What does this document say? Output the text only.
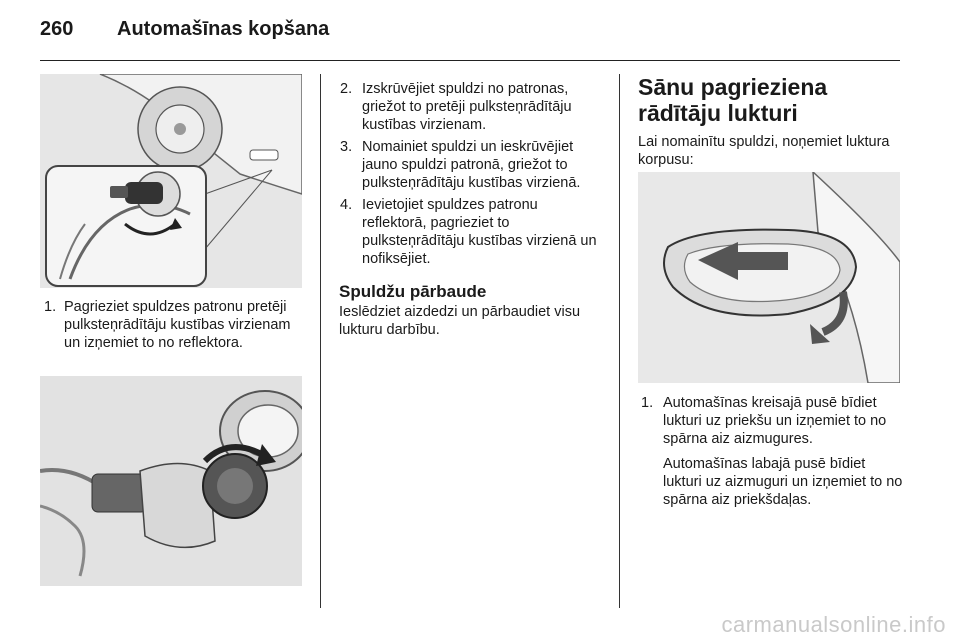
260 Automašīnas kopšana
1. Pagrieziet spuldzes patronu pretēji pulksteņrādītāju kustības virzienam un izņemiet to no reflektora.
2. Izskrūvējiet spuldzi no patronas, griežot to pretēji pulksteņrādītāju kustības virzienam.
3. Nomainiet spuldzi un ieskrūvējiet jauno spuldzi patronā, griežot to pulksteņrādītāju kustības virzienā.
4. Ievietojiet spuldzes patronu reflektorā, pagrieziet to pulksteņrādītāju kustības virzienā un nofiksējiet.
Spuldžu pārbaude
Ieslēdziet aizdedzi un pārbaudiet visu lukturu darbību.
Sānu pagrieziena rādītāju lukturi
Lai nomainītu spuldzi, noņemiet luktura korpusu:
1. Automašīnas kreisajā pusē bīdiet lukturi uz priekšu un izņemiet to no spārna aiz aizmugures.
Automašīnas labajā pusē bīdiet lukturi uz aizmuguri un izņemiet to no spārna aiz priekšdaļas.
carmanualsonline.info
